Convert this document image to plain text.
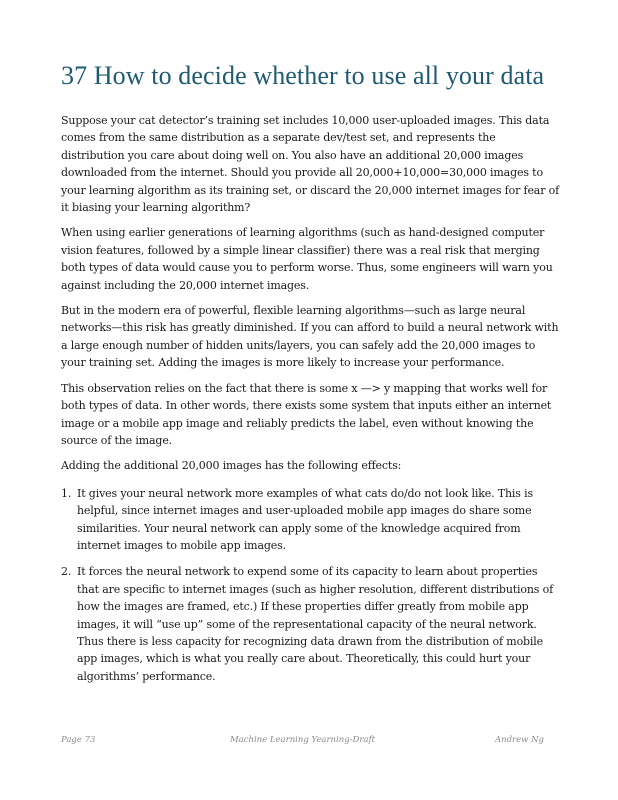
37 How to decide whether to use all your data

Suppose your cat detector’s training set includes 10,000 user-uploaded images. This data comes from the same distribution as a separate dev/test set, and represents the distribution you care about doing well on. You also have an additional 20,000 images downloaded from the internet. Should you provide all 20,000+10,000=30,000 images to your learning algorithm as its training set, or discard the 20,000 internet images for fear of it biasing your learning algorithm?

When using earlier generations of learning algorithms (such as hand-designed computer vision features, followed by a simple linear classifier) there was a real risk that merging both types of data would cause you to perform worse. Thus, some engineers will warn you against including the 20,000 internet images.

But in the modern era of powerful, flexible learning algorithms—such as large neural networks—this risk has greatly diminished. If you can afford to build a neural network with a large enough number of hidden units/layers, you can safely add the 20,000 images to your training set. Adding the images is more likely to increase your performance.

This observation relies on the fact that there is some x —> y mapping that works well for both types of data. In other words, there exists some system that inputs either an internet image or a mobile app image and reliably predicts the label, even without knowing the source of the image.

Adding the additional 20,000 images has the following effects:

1. It gives your neural network more examples of what cats do/do not look like. This is helpful, since internet images and user-uploaded mobile app images do share some similarities. Your neural network can apply some of the knowledge acquired from internet images to mobile app images.
2. It forces the neural network to expend some of its capacity to learn about properties that are specific to internet images (such as higher resolution, different distributions of how the images are framed, etc.) If these properties differ greatly from mobile app images, it will “use up” some of the representational capacity of the neural network. Thus there is less capacity for recognizing data drawn from the distribution of mobile app images, which is what you really care about. Theoretically, this could hurt your algorithms’ performance.
Page 73	Machine Learning Yearning-Draft	Andrew Ng
